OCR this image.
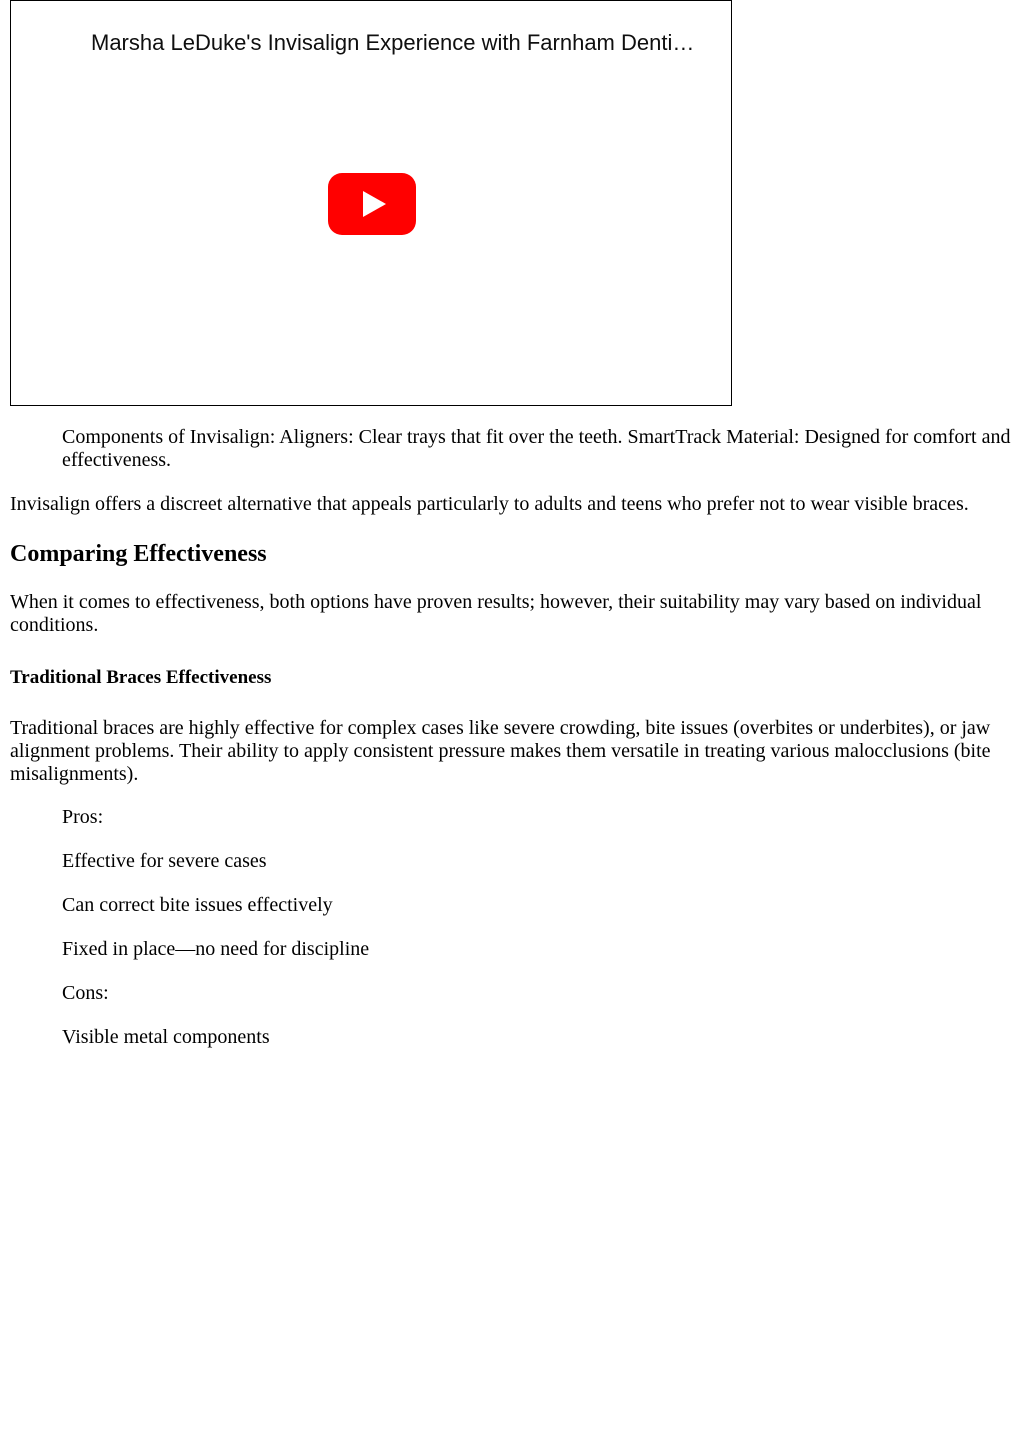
Marsha LeDuke's Invisalign Experience with Farnham Denti…

Components of Invisalign: Aligners: Clear trays that fit over the teeth. SmartTrack Material: Designed for comfort and effectiveness.

Invisalign offers a discreet alternative that appeals particularly to adults and teens who prefer not to wear visible braces.

Comparing Effectiveness

When it comes to effectiveness, both options have proven results; however, their suitability may vary based on individual conditions.

Traditional Braces Effectiveness

Traditional braces are highly effective for complex cases like severe crowding, bite issues (overbites or underbites), or jaw alignment problems. Their ability to apply consistent pressure makes them versatile in treating various malocclusions (bite misalignments).

Pros:
Effective for severe cases
Can correct bite issues effectively
Fixed in place—no need for discipline
Cons:
Visible metal components
